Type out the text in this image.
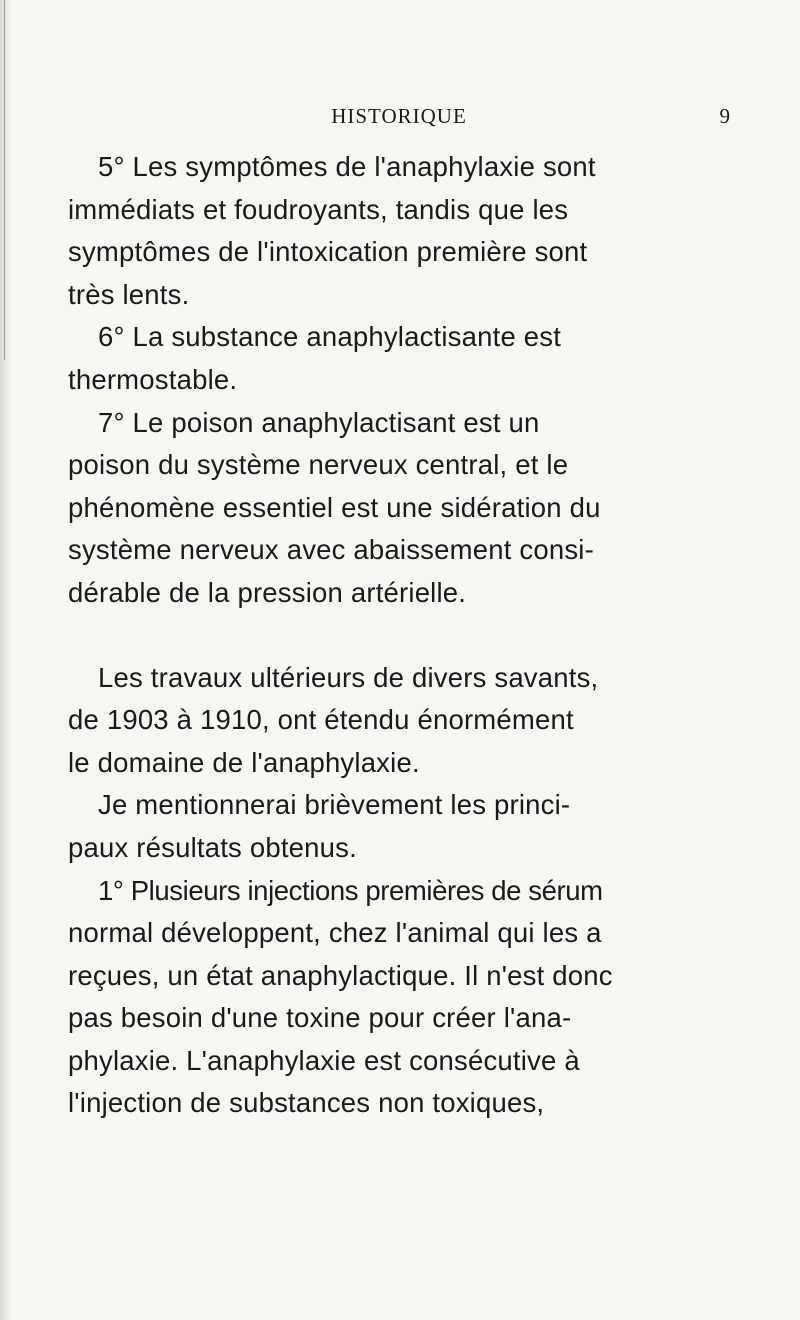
HISTORIQUE	9

5° Les symptômes de l'anaphylaxie sont
immédiats et foudroyants, tandis que les
symptômes de l'intoxication première sont
très lents.

6° La substance anaphylactisante est
thermostable.

7° Le poison anaphylactisant est un
poison du système nerveux central, et le
phénomène essentiel est une sidération du
système nerveux avec abaissement consi-
dérable de la pression artérielle.

Les travaux ultérieurs de divers savants,
de 1903 à 1910, ont étendu énormément
le domaine de l'anaphylaxie.

Je mentionnerai brièvement les princi-
paux résultats obtenus.

1° Plusieurs injections premières de sérum
normal développent, chez l'animal qui les a
reçues, un état anaphylactique. Il n'est donc
pas besoin d'une toxine pour créer l'ana-
phylaxie. L'anaphylaxie est consécutive à
l'injection de substances non toxiques,
